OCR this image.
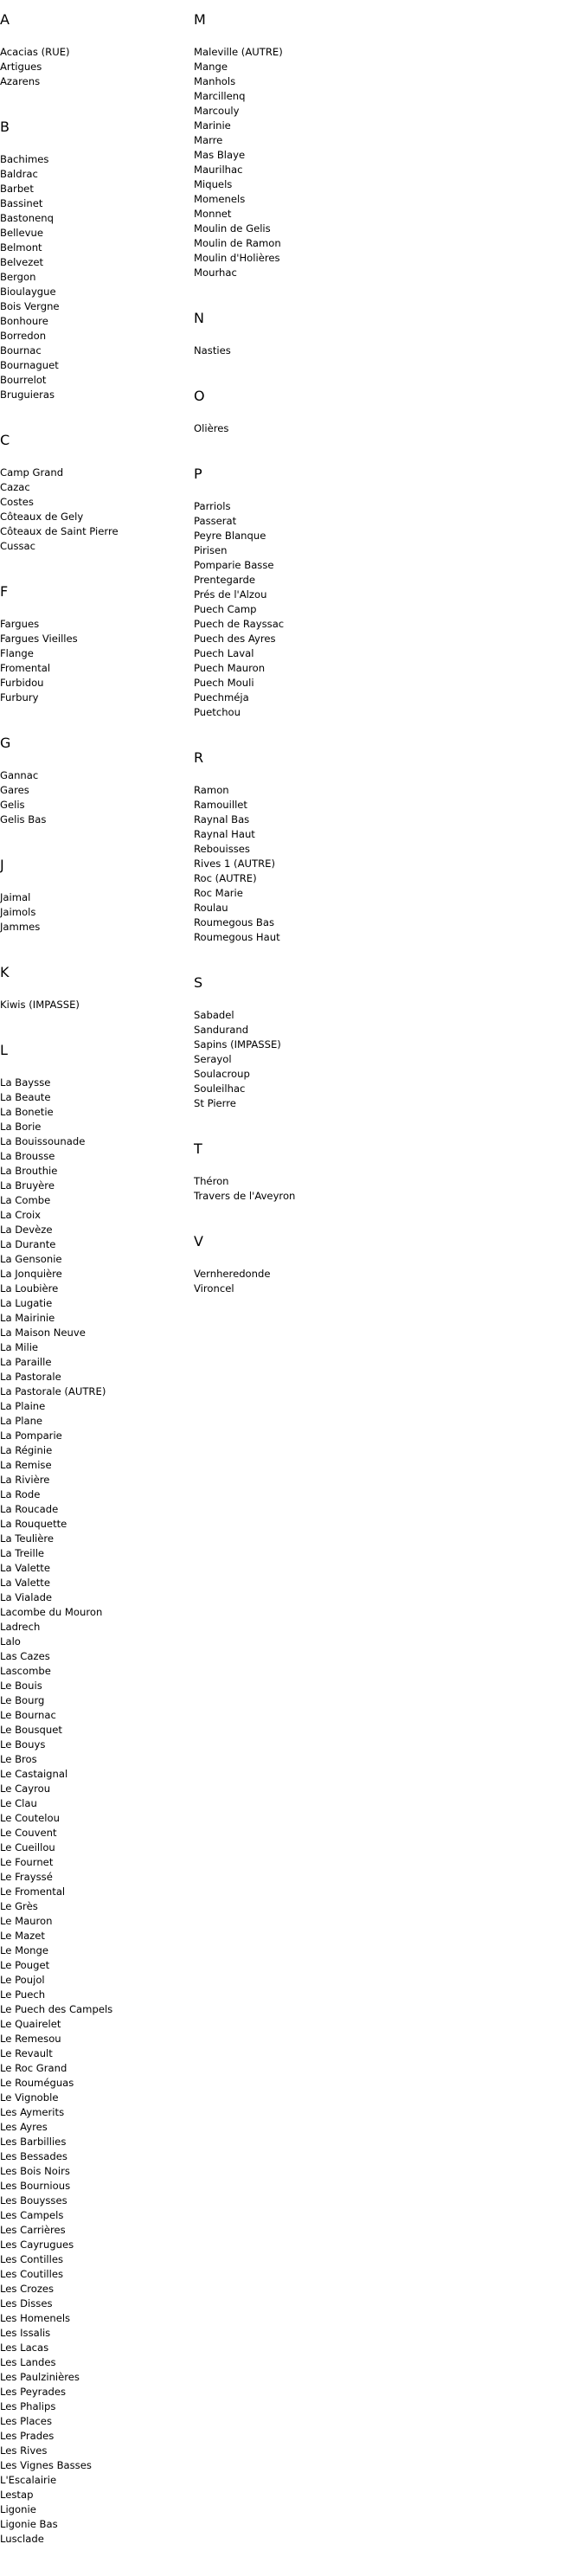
A
Acacias (RUE)
Artigues
Azarens
B
Bachimes
Baldrac
Barbet
Bassinet
Bastonenq
Bellevue
Belmont
Belvezet
Bergon
Bioulaygue
Bois Vergne
Bonhoure
Borredon
Bournac
Bournaguet
Bourrelot
Bruguieras
C
Camp Grand
Cazac
Costes
Côteaux de Gely
Côteaux de Saint Pierre
Cussac
F
Fargues
Fargues Vieilles
Flange
Fromental
Furbidou
Furbury
G
Gannac
Gares
Gelis
Gelis Bas
J
Jaimal
Jaimols
Jammes
K
Kiwis (IMPASSE)
L
La Baysse
La Beaute
La Bonetie
La Borie
La Bouissounade
La Brousse
La Brouthie
La Bruyère
La Combe
La Croix
La Devèze
La Durante
La Gensonie
La Jonquière
La Loubière
La Lugatie
La Mairinie
La Maison Neuve
La Milie
La Paraille
La Pastorale
La Pastorale (AUTRE)
La Plaine
La Plane
La Pomparie
La Réginie
La Remise
La Rivière
La Rode
La Roucade
La Rouquette
La Teulière
La Treille
La Valette
La Valette
La Vialade
Lacombe du Mouron
Ladrech
Lalo
Las Cazes
Lascombe
Le Bouis
Le Bourg
Le Bournac
Le Bousquet
Le Bouys
Le Bros
Le Castaignal
Le Cayrou
Le Clau
Le Coutelou
Le Couvent
Le Cueillou
Le Fournet
Le Frayssé
Le Fromental
Le Grès
Le Mauron
Le Mazet
Le Monge
Le Pouget
Le Poujol
Le Puech
Le Puech des Campels
Le Quairelet
Le Remesou
Le Revault
Le Roc Grand
Le Rouméguas
Le Vignoble
Les Aymerits
Les Ayres
Les Barbillies
Les Bessades
Les Bois Noirs
Les Bournious
Les Bouysses
Les Campels
Les Carrières
Les Cayrugues
Les Contilles
Les Coutilles
Les Crozes
Les Disses
Les Homenels
Les Issalis
Les Lacas
Les Landes
Les Paulzinières
Les Peyrades
Les Phalips
Les Places
Les Prades
Les Rives
Les Vignes Basses
L'Escalairie
Lestap
Ligonie
Ligonie Bas
Lusclade
M
Maleville (AUTRE)
Mange
Manhols
Marcillenq
Marcouly
Marinie
Marre
Mas Blaye
Maurilhac
Miquels
Momenels
Monnet
Moulin de Gelis
Moulin de Ramon
Moulin d'Holières
Mourhac
N
Nasties
O
Olières
P
Parriols
Passerat
Peyre Blanque
Pirisen
Pomparie Basse
Prentegarde
Prés de l'Alzou
Puech Camp
Puech de Rayssac
Puech des Ayres
Puech Laval
Puech Mauron
Puech Mouli
Puechméja
Puetchou
R
Ramon
Ramouillet
Raynal Bas
Raynal Haut
Rebouisses
Rives 1 (AUTRE)
Roc (AUTRE)
Roc Marie
Roulau
Roumegous Bas
Roumegous Haut
S
Sabadel
Sandurand
Sapins (IMPASSE)
Serayol
Soulacroup
Souleilhac
St Pierre
T
Théron
Travers de l'Aveyron
V
Vernheredonde
Vironcel
